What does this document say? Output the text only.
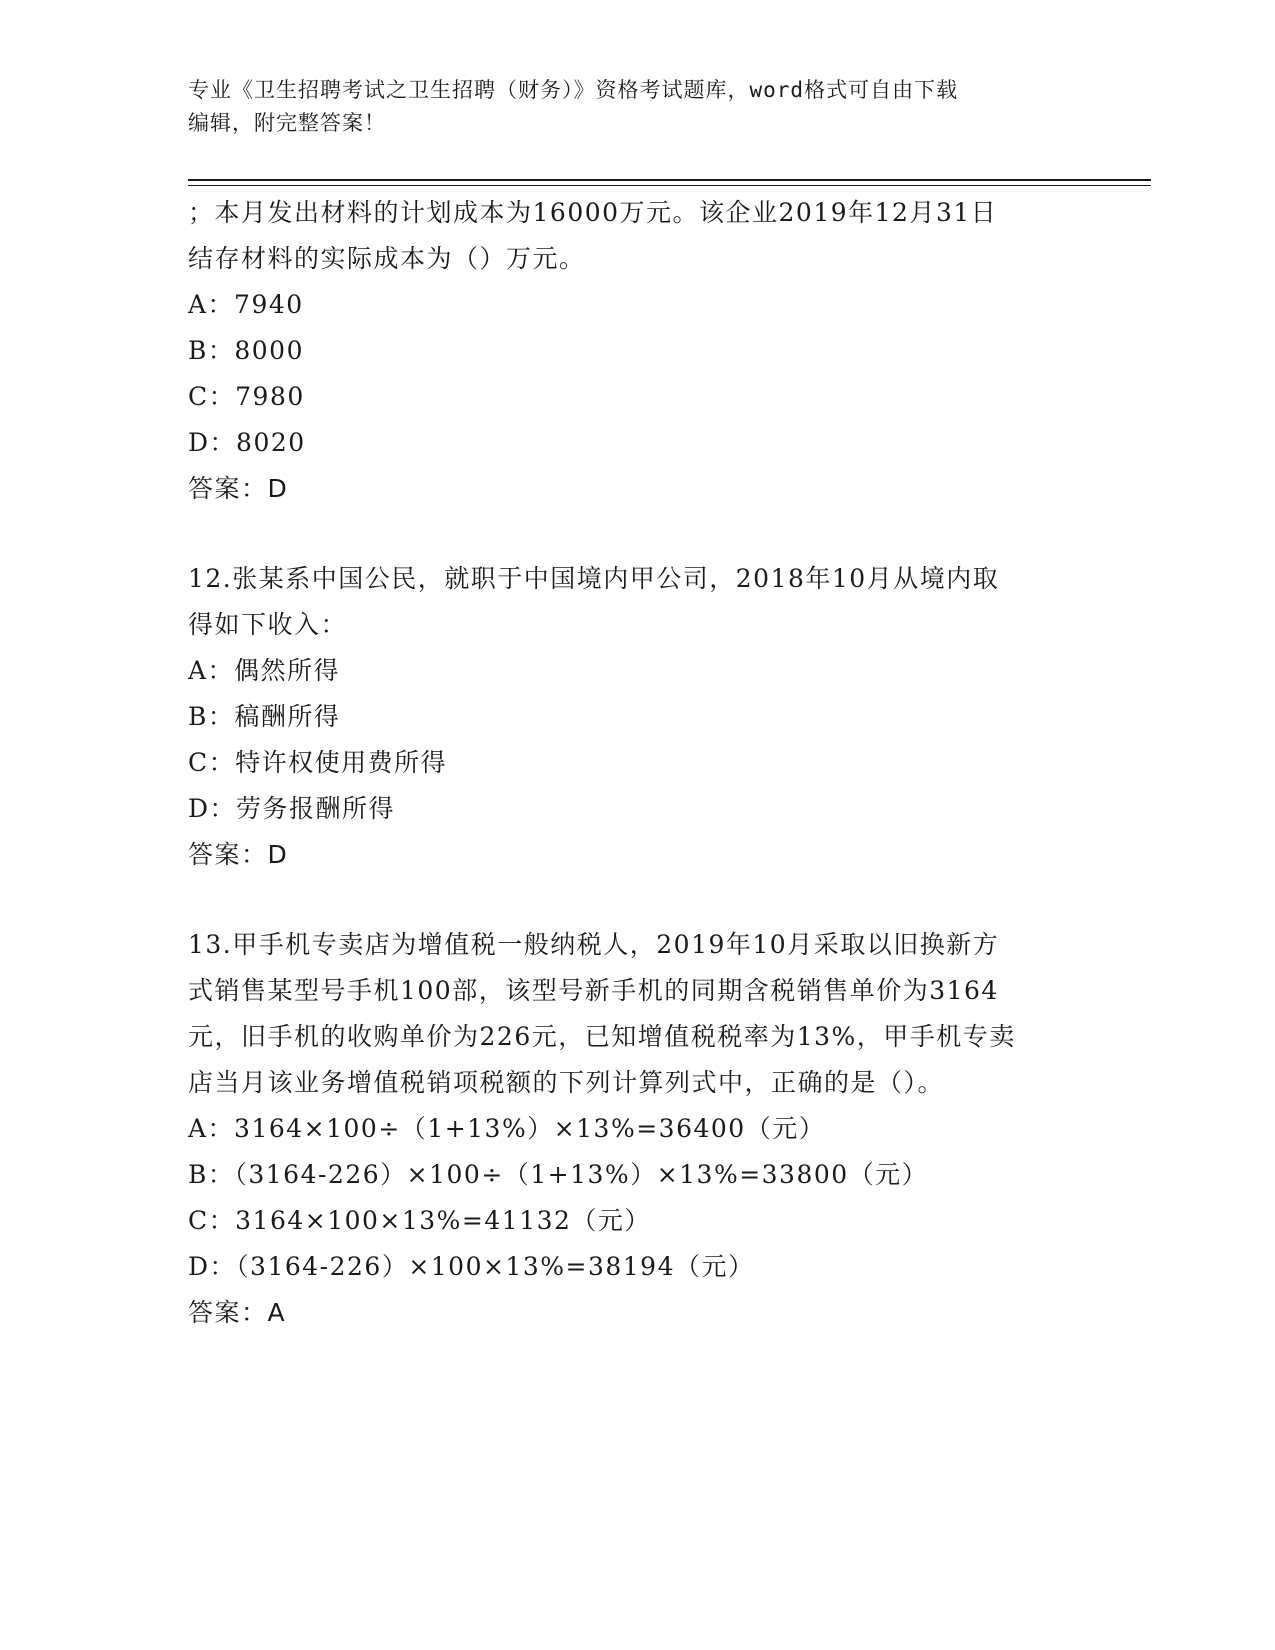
专业《卫生招聘考试之卫生招聘（财务）》资格考试题库，word格式可自由下载
编辑，附完整答案！

；本月发出材料的计划成本为16000万元。该企业2019年12月31日

结存材料的实际成本为（）万元。

A：7940

B：8000

C：7980

D：8020

答案：D

12.张某系中国公民，就职于中国境内甲公司，2018年10月从境内取

得如下收入：

A：偶然所得

B：稿酬所得

C：特许权使用费所得

D：劳务报酬所得

答案：D

13.甲手机专卖店为增值税一般纳税人，2019年10月采取以旧换新方

式销售某型号手机100部，该型号新手机的同期含税销售单价为3164

元，旧手机的收购单价为226元，已知增值税税率为13%，甲手机专卖

店当月该业务增值税销项税额的下列计算列式中，正确的是（）。

A：3164×100÷（1+13%）×13%=36400（元）

B：（3164-226）×100÷（1+13%）×13%=33800（元）

C：3164×100×13%=41132（元）

D：（3164-226）×100×13%=38194（元）

答案：A
